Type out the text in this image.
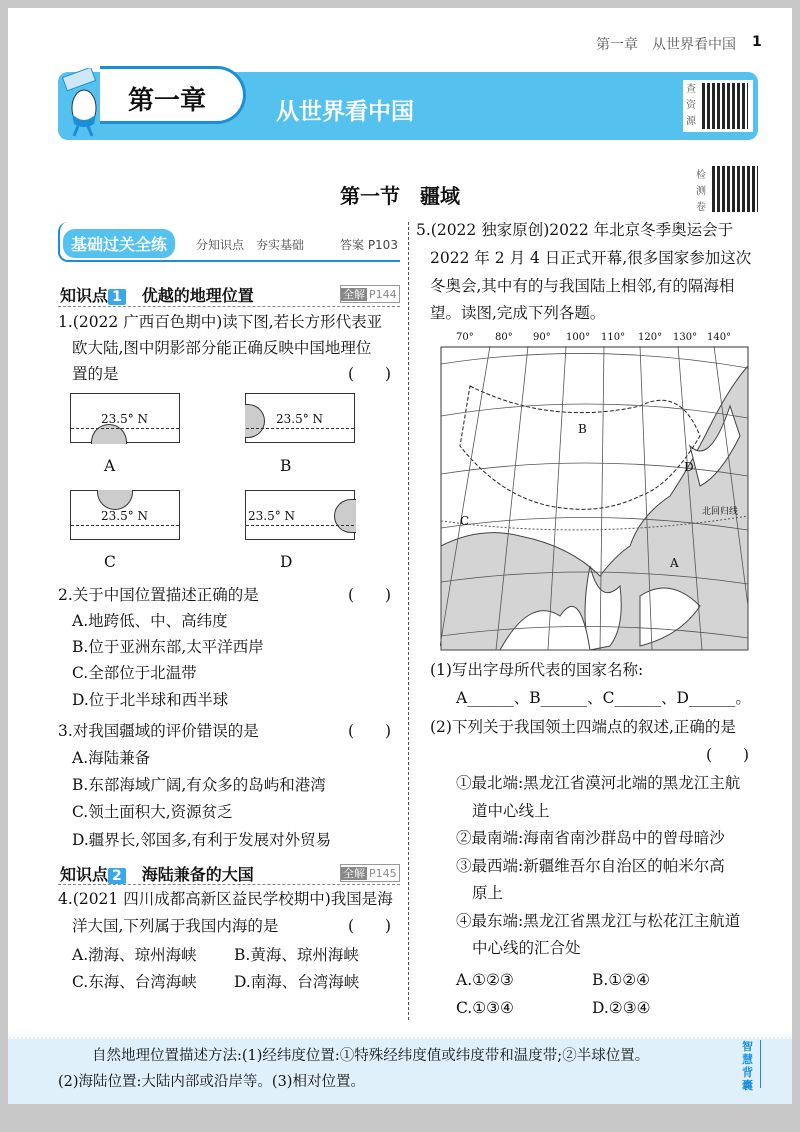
第一章　从世界看中国 1
第一章	从世界看中国
查资源
第一节　疆域
检测卷
基础过关全练	分知识点　夯实基础	答案 P103
知识点 1　 优越的地理位置	全解 P144
1.(2022 广西百色期中)读下图,若长方形代表亚
欧大陆,图中阴影部分能正确反映中国地理位
置的是	(　　)
23.5° N	23.5° N
23.5° N	23.5° N
A	B
C	D
2.关于中国位置描述正确的是	(　　)
A.地跨低、中、高纬度
B.位于亚洲东部,太平洋西岸
C.全部位于北温带
D.位于北半球和西半球
3.对我国疆域的评价错误的是	(　　)
A.海陆兼备
B.东部海域广阔,有众多的岛屿和港湾
C.领土面积大,资源贫乏
D.疆界长,邻国多,有利于发展对外贸易
知识点 2　 海陆兼备的大国	全解 P145
4.(2021 四川成都高新区益民学校期中)我国是海
洋大国,下列属于我国内海的是	(　　)
A.渤海、琼州海峡 B.黄海、琼州海峡
C.东海、台湾海峡 D.南海、台湾海峡
5.(2022 独家原创)2022 年北京冬季奥运会于
2022 年 2 月 4 日正式开幕,很多国家参加这次
冬奥会,其中有的与我国陆上相邻,有的隔海相
望。读图,完成下列各题。
70° 80° 90° 100° 110° 120° 130° 140°
B
C
D
A
北回归线
(1)写出字母所代表的国家名称:
A______、B______、C______、D______。
(2)下列关于我国领土四端点的叙述,正确的是
(　　)
①最北端:黑龙江省漠河北端的黑龙江主航
道中心线上
②最南端:海南省南沙群岛中的曾母暗沙
③最西端:新疆维吾尔自治区的帕米尔高
原上
④最东端:黑龙江省黑龙江与松花江主航道
中心线的汇合处
A.①②③	B.①②④
C.①③④	D.②③④
自然地理位置描述方法:(1)经纬度位置:①特殊经纬度值或纬度带和温度带;②半球位置。
(2)海陆位置:大陆内部或沿岸等。(3)相对位置。
智慧背囊
